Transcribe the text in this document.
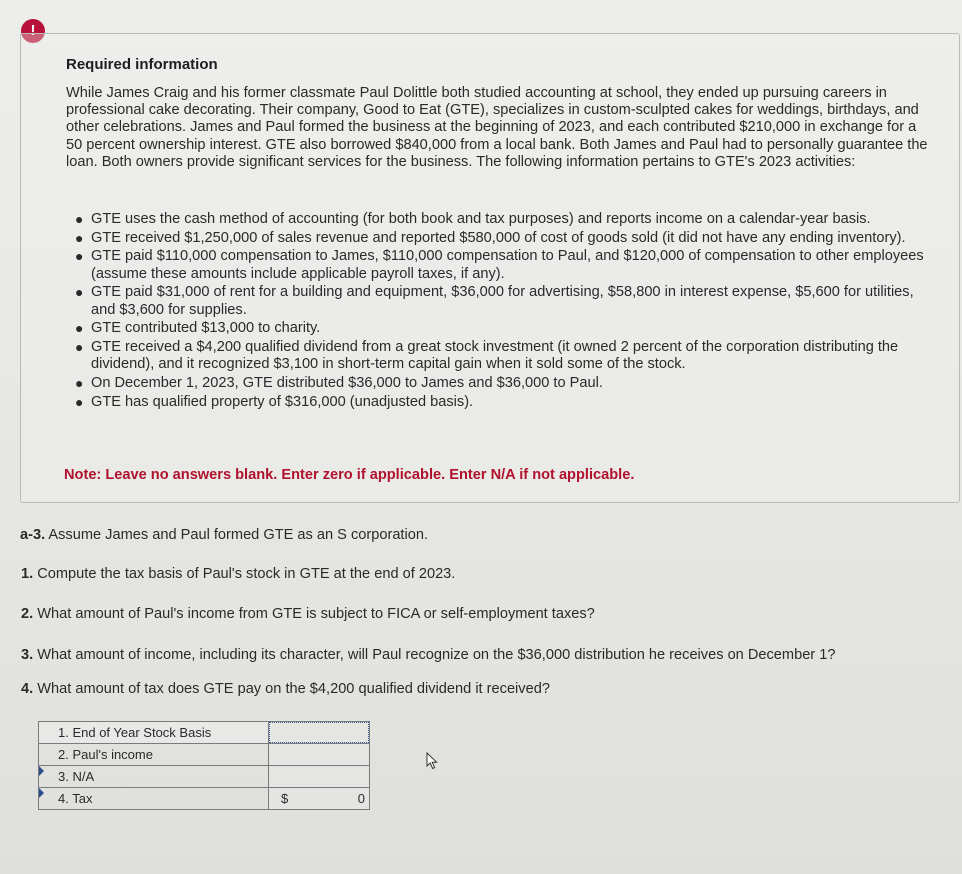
!
Required information

While James Craig and his former classmate Paul Dolittle both studied accounting at school, they ended up pursuing careers in professional cake decorating. Their company, Good to Eat (GTE), specializes in custom-sculpted cakes for weddings, birthdays, and other celebrations. James and Paul formed the business at the beginning of 2023, and each contributed $210,000 in exchange for a 50 percent ownership interest. GTE also borrowed $840,000 from a local bank. Both James and Paul had to personally guarantee the loan. Both owners provide significant services for the business. The following information pertains to GTE's 2023 activities:

● GTE uses the cash method of accounting (for both book and tax purposes) and reports income on a calendar-year basis.
● GTE received $1,250,000 of sales revenue and reported $580,000 of cost of goods sold (it did not have any ending inventory).
● GTE paid $110,000 compensation to James, $110,000 compensation to Paul, and $120,000 of compensation to other employees (assume these amounts include applicable payroll taxes, if any).
● GTE paid $31,000 of rent for a building and equipment, $36,000 for advertising, $58,800 in interest expense, $5,600 for utilities, and $3,600 for supplies.
● GTE contributed $13,000 to charity.
● GTE received a $4,200 qualified dividend from a great stock investment (it owned 2 percent of the corporation distributing the dividend), and it recognized $3,100 in short-term capital gain when it sold some of the stock.
● On December 1, 2023, GTE distributed $36,000 to James and $36,000 to Paul.
● GTE has qualified property of $316,000 (unadjusted basis).
Note: Leave no answers blank. Enter zero if applicable. Enter N/A if not applicable.
a-3. Assume James and Paul formed GTE as an S corporation.
1. Compute the tax basis of Paul's stock in GTE at the end of 2023.
2. What amount of Paul's income from GTE is subject to FICA or self-employment taxes?
3. What amount of income, including its character, will Paul recognize on the $36,000 distribution he receives on December 1?
4. What amount of tax does GTE pay on the $4,200 qualified dividend it received?
1. End of Year Stock Basis	

2. Paul's income	

3. N/A	

4. Tax	$ 0
